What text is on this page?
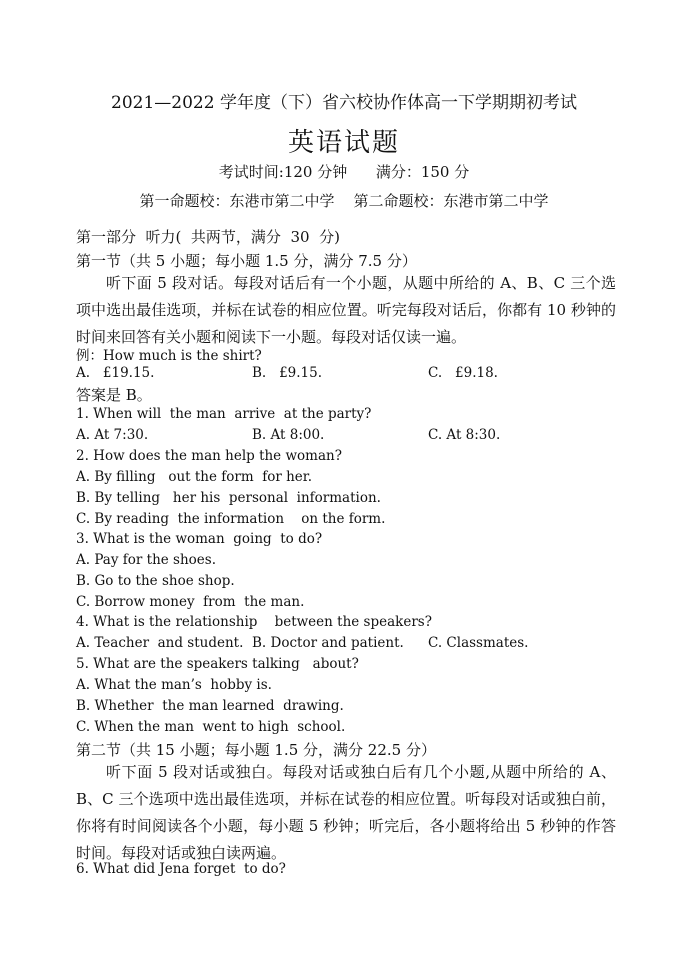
2021—2022 学年度（下）省六校协作体高一下学期期初考试
英语试题
考试时间:120 分钟      满分：150 分
第一命题校：东港市第二中学    第二命题校：东港市第二中学
第一部分  听力(  共两节，满分  30  分)
第一节（共 5 小题；每小题 1.5 分，满分 7.5 分）

听下面 5 段对话。每段对话后有一个小题，从题中所给的 A、B、C 三个选项中选出最佳选项，并标在试卷的相应位置。听完每段对话后，你都有 10 秒钟的时间来回答有关小题和阅读下一小题。每段对话仅读一遍。

例：How much is the shirt?
A.   £19.15.	B.   £9.15.	C.   £9.18.
答案是 B。
1. When will  the man  arrive  at the party?
A. At 7:30.	B. At 8:00.	C. At 8:30.
2. How does the man help the woman?
A. By filling   out the form  for her.
B. By telling   her his  personal  information.
C. By reading  the information    on the form.
3. What is the woman  going  to do?
A. Pay for the shoes.
B. Go to the shoe shop.
C. Borrow money  from  the man.
4. What is the relationship    between the speakers?
A. Teacher  and student. B. Doctor and patient. C. Classmates.
5. What are the speakers talking   about?
A. What the man’s  hobby is.
B. Whether  the man learned  drawing.
C. When the man  went to high  school.
第二节（共 15 小题；每小题 1.5 分，满分 22.5 分）

听下面 5 段对话或独白。每段对话或独白后有几个小题,从题中所给的 A、B、C 三个选项中选出最佳选项，并标在试卷的相应位置。听每段对话或独白前，你将有时间阅读各个小题，每小题 5 秒钟；听完后，各小题将给出 5 秒钟的作答时间。每段对话或独白读两遍。

6. What did Jena forget  to do?
